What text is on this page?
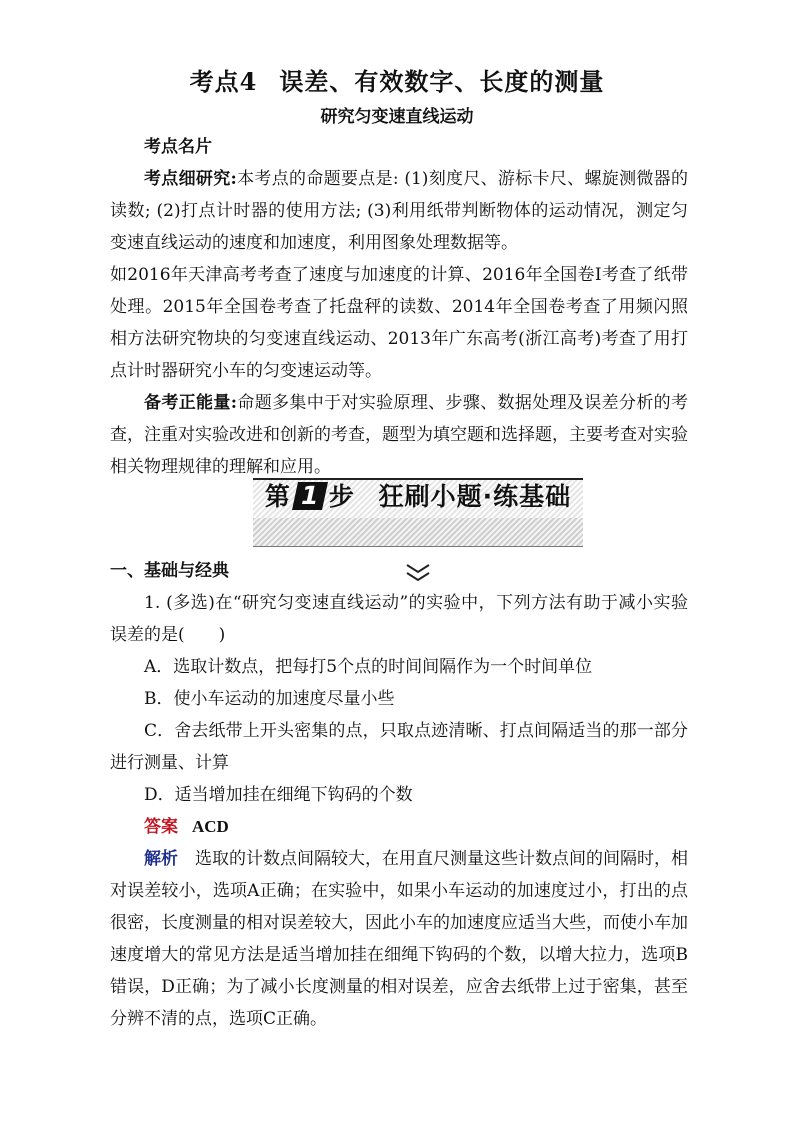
考点4 误差、有效数字、长度的测量
研究匀变速直线运动
考点名片
考点细研究:本考点的命题要点是: (1)刻度尺、游标卡尺、螺旋测微器的读数; (2)打点计时器的使用方法; (3)利用纸带判断物体的运动情况，测定匀变速直线运动的速度和加速度，利用图象处理数据等。
如2016年天津高考考查了速度与加速度的计算、2016年全国卷Ⅰ考查了纸带处理。2015年全国卷考查了托盘秤的读数、2014年全国卷考查了用频闪照相方法研究物块的匀变速直线运动、2013年广东高考(浙江高考)考查了用打点计时器研究小车的匀变速运动等。
备考正能量:命题多集中于对实验原理、步骤、数据处理及误差分析的考查，注重对实验改进和创新的考查，题型为填空题和选择题，主要考查对实验相关物理规律的理解和应用。
第 1 步 狂刷小题·练基础
一、基础与经典
1. (多选)在“研究匀变速直线运动”的实验中，下列方法有助于减小实验误差的是(　　)
A．选取计数点，把每打5个点的时间间隔作为一个时间单位
B．使小车运动的加速度尽量小些
C．舍去纸带上开头密集的点，只取点迹清晰、打点间隔适当的那一部分进行测量、计算
D．适当增加挂在细绳下钩码的个数
答案 ACD
解析　 选取的计数点间隔较大，在用直尺测量这些计数点间的间隔时，相对误差较小，选项A正确；在实验中，如果小车运动的加速度过小，打出的点很密，长度测量的相对误差较大，因此小车的加速度应适当大些，而使小车加速度增大的常见方法是适当增加挂在细绳下钩码的个数，以增大拉力，选项B错误，D正确；为了减小长度测量的相对误差，应舍去纸带上过于密集，甚至分辨不清的点，选项C正确。
